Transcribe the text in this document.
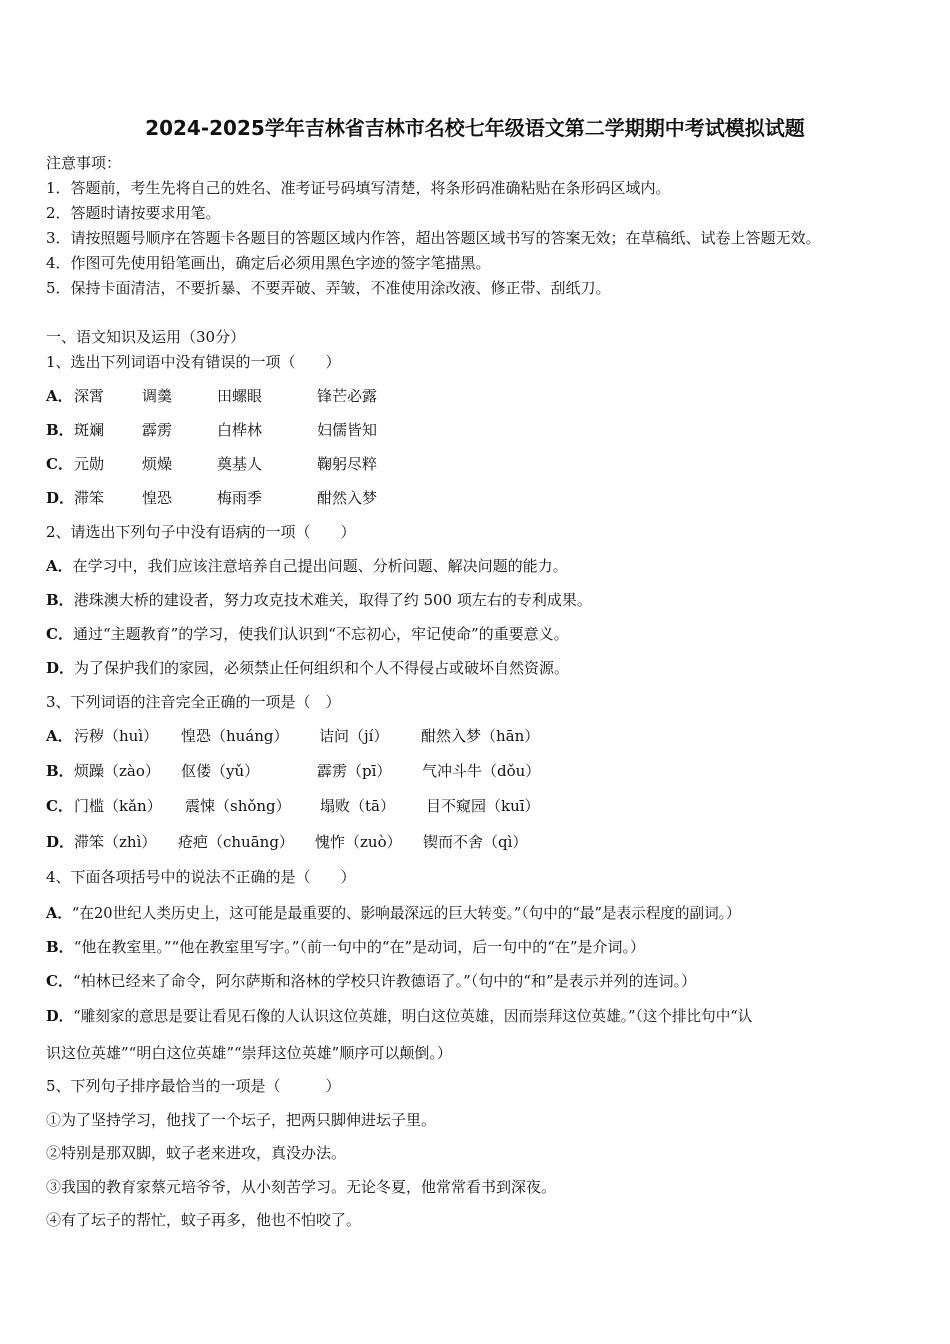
2024-2025学年吉林省吉林市名校七年级语文第二学期期中考试模拟试题
注意事项：
1．答题前，考生先将自己的姓名、准考证号码填写清楚，将条形码准确粘贴在条形码区域内。
2．答题时请按要求用笔。
3．请按照题号顺序在答题卡各题目的答题区域内作答，超出答题区域书写的答案无效；在草稿纸、试卷上答题无效。
4．作图可先使用铅笔画出，确定后必须用黑色字迹的签字笔描黑。
5．保持卡面清洁，不要折暴、不要弄破、弄皱，不准使用涂改液、修正带、刮纸刀。
一、语文知识及运用（30分）
1、选出下列词语中没有错误的一项（　　）
A． 深霄	调羹	田螺眼	锋芒必露
B． 斑斓	霹雳	白桦林	妇儒皆知
C． 元勋	烦燥	奠基人	鞠躬尽粹
D． 滞笨	惶恐	梅雨季	酣然入梦
2、请选出下列句子中没有语病的一项（　　）
A．在学习中，我们应该注意培养自己提出问题、分析问题、解决问题的能力。
B．港珠澳大桥的建设者，努力攻克技术难关，取得了约 500 项左右的专利成果。
C．通过“主题教育”的学习，使我们认识到“不忘初心，牢记使命”的重要意义。
D．为了保护我们的家园，必须禁止任何组织和个人不得侵占或破坏自然资源。
3、下列词语的注音完全正确的一项是（　）
A． 污秽（huì） 惶恐（huáng） 诘问（jí） 酣然入梦（hān）
B． 烦躁（zào） 伛偻（yǔ）	霹雳（pī） 气冲斗牛（dǒu）
C． 门槛（kǎn） 震悚（shǒng） 塌败（tā） 目不窥园（kuī）
D． 滞笨（zhì） 疮疤（chuāng） 愧怍（zuò） 锲而不舍（qì）
4、下面各项括号中的说法不正确的是（　　）
A．“在20世纪人类历史上，这可能是最重要的、影响最深远的巨大转变。”（句中的“最”是表示程度的副词。）
B．“他在教室里。”“他在教室里写字。”（前一句中的“在”是动词，后一句中的“在”是介词。）
C．“柏林已经来了命令，阿尔萨斯和洛林的学校只许教德语了。”（句中的“和”是表示并列的连词。）
D．“雕刻家的意思是要让看见石像的人认识这位英雄，明白这位英雄，因而崇拜这位英雄。”（这个排比句中“认
识这位英雄”“明白这位英雄”“崇拜这位英雄”顺序可以颠倒。）
5、下列句子排序最恰当的一项是（　　　）
①为了坚持学习，他找了一个坛子，把两只脚伸进坛子里。
②特别是那双脚，蚊子老来进攻，真没办法。
③我国的教育家蔡元培爷爷，从小刻苦学习。无论冬夏，他常常看书到深夜。
④有了坛子的帮忙，蚊子再多，他也不怕咬了。
